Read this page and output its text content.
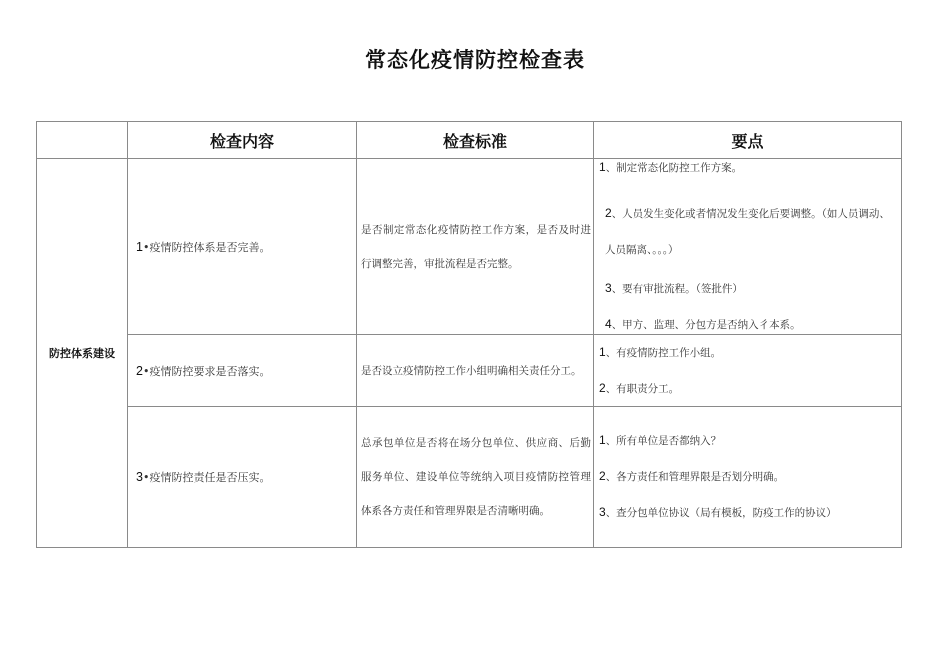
常态化疫情防控检查表
	检查内容	检查标准	要点
防控体系建设	1•疫情防控体系是否完善。	是否制定常态化疫情防控工作方案，是否及时进行调整完善，审批流程是否完整。	1、制定常态化防控工作方案。

2、人员发生变化或者情况发生变化后要调整。（如人员调动、人员隔离、。。。）

3、要有审批流程。（签批件）

4、甲方、监理、分包方是否纳入彳本系。

	2•疫情防控要求是否落实。	是否设立疫情防控工作小组明确相关责任分工。	1、有疫情防控工作小组。

2、有职责分工。

	3•疫情防控责任是否压实。	总承包单位是否将在场分包单位、供应商、后勤服务单位、建设单位等统纳入项目疫情防控管理体系各方责任和管理界限是否清晰明确。	1、所有单位是否都纳入？

2、各方责任和管理界限是否划分明确。

3、查分包单位协议（局有模板，防疫工作的协议）
